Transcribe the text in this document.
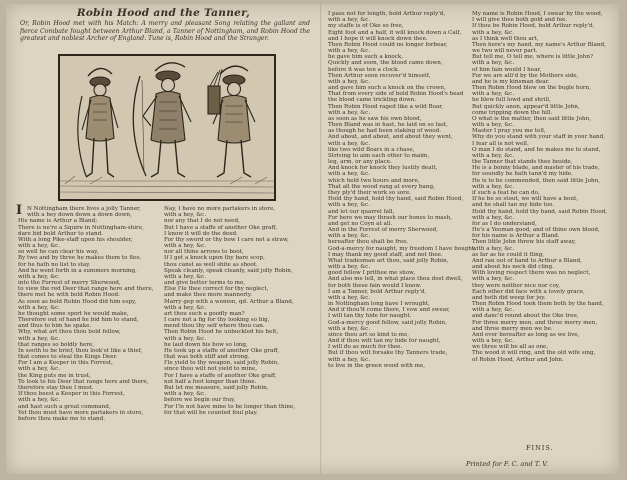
Robin Hood and the Tanner,
Or, Robin Hood met with his Match: A merry and pleasant Song relating the gallant and fierce Combate fought between Arthur Bland, a Tanner of Nottingham, and Robin Hood the greatest and noblest Archer of England. Tune is, Robin Hood and the Stranger.
I N Nottingham there lives a jolly Tanner,
with a hey down down a down down,
His name is Arthur a Bland;
There is ne're a Squire in Nottingham-shire,
dare bid bold Arthur to stand.
With a long Pike-staff upon his shoulder,
with a hey, &c.
so well he can clear his way,
By two and by three he makes them to flee,
for he hath no list to stay.
And he went forth in a summers morning,
with a hey, &c.
into the Forrest of merry Sherwood,
to view the red Deer that range here and there,
there met he with bold Robin Hood.
As soon as bold Robin Hood did him espy,
with a hey, &c.
he thought some sport he would make,
Therefore out of hand he bid him to stand,
and thus to him he spake.
Why, what art thou thou bold fellow,
with a hey, &c.
that ranges so boldly here,
In sooth to be brief, thou look'st like a thief,
that comes to steal the Kings Deer.
For I am a Keeper in this Forrest,
with a hey, &c.
the King puts me in trust,
To look to his Deer that range here and there,
therefore stay thee I must.
If thou beest a Keeper in this Forrest,
with a hey, &c.
and hast such a great command,
Yet thou must have more partakers in store,
before thou make me to stand.
Nay, I have no more partakers in store,
with a hey, &c.
nor any that I do not need,
But I have a staffe of another Oke graff,
I know it will do the deed.
For thy sword or thy bow I care not a straw,
with a hey, &c.
nor all thine arrows to boot,
If I get a knock upon thy bare scop,
thou canst as well shite as shoot.
Speak cleanly, speak cleanly, said jolly Robin,
with a hey, &c.
and give better terms to me,
Else I'le thee correct for thy neglect,
and make thee more mannerly.
Marry gep with a wenion, qd. Arthur a Bland,
with a hey, &c.
art thou such a goodly man?
I care not a fig for thy looking so big,
mend thou thy self where thou can.
Then Robin Hood he unbuckled his belt,
with a hey, &c.
he laid down his bow so long,
He took up a staffe of another Oke graff,
that was both stiff and strong.
I'le yield to thy weapon, said jolly Robin,
since thou wilt not yield to mine,
For I have a staffe of another Oke graff,
not half a foot longer than thine.
But let me measure, said jolly Robin,
with a hey, &c.
before we begin our fray,
For I'le not have mine to be longer than thine,
for that will be counted foul play.
I pass not for length, bold Arthur reply'd,
with a hey, &c.
my staffe is of Oke so free,
Eight foot and a half, it will knock down a Calf,
and I hope it will knock down thee.
Then Robin Hood could no longer forbear,
with a hey, &c.
he gave him such a knock,
Quickly and soon, the blood came down,
before it was ten a clock.
Then Arthur soon recover'd himself,
with a hey, &c.
and gave him such a knock on the crown,
That from every side of bold Robin Hood's head
the blood came trickling down.
Then Robin Hood raged like a wild Boar,
with a hey, &c.
as soon as he saw his own blood,
Then Bland was in hast, he laid on so fast,
as though he had been staking of wood.
And about, and about, and about they went,
with a hey, &c.
like two wild Boars in a chase,
Striving to aim each other to maim,
leg, arm, or any place.
And knock for knock they lustily dealt,
with a hey, &c.
which held two hours and more,
That all the wood rang at every bang,
they ply'd their work so sore.
Hold thy hand, hold thy hand, said Robin Hood,
with a hey, &c.
and let our quarrel fall,
For here we may thrash our bones to mash,
and get no Coyn at all.
And in the Forrest of merry Sherwood,
with a hey, &c.
hereafter thou shalt be free.
God-a-mercy for naught, my freedom I have bought,
I may thank my good staff, and not thee.
What tradesman art thou, said jolly Robin,
with a hey, &c.
good fellow I prithee me show,
And also me tell, in what place thou dost dwell,
for both these fain would I know.
I am a Tanner, bold Arthur reply'd,
with a hey, &c.
in Nottingham long have I wrought,
And if thou'lt come there, I vow and swear,
I will tan thy hide for naught.
God-a-mercy good fellow, said jolly Robin,
with a hey, &c.
since thou art so kind to me,
And if thou wilt tan my hide for naught,
I will do as much for thee.
But if thou wilt forsake thy Tanners trade,
with a hey, &c.
to live in the green wood with me,
My name is Robin Hood, I swear by the wood,
I will give thee both gold and fee.
If thou be Robin Hood, bold Arthur reply'd,
with a hey, &c.
as I think well thou art,
Then here's my hand, my name's Arthur Bland,
we two will never part.
But tell me, O tell me, where is little John?
with a hey, &c.
of him fain would I hear,
For we are alli'd by the Mothers side,
and he is my kinsman dear.
Then Robin Hood blew on the bugle horn,
with a hey, &c.
he blew full lowd and shrill,
But quickly anon, appear'd little John,
come tripping down the hill.
O what is the matter, then said little John,
with a hey, &c.
Master I pray you me tell,
Why do you stand with your staff in your hand,
I fear all is not well.
O man I do stand, and he makes me to stand,
with a hey, &c.
the Tanner that stands thee beside,
He is a bonny blade, and master of his trade,
for soundly he hath tann'd my hide.
He is to be commended, then said little John,
with a hey, &c.
if such a feat he can do,
If he be so stout, we will have a bout,
and he shall tan my hide too.
Hold thy hand, hold thy hand, said Robin Hood,
with a hey, &c.
for as I do understand,
He's a Yeoman good, and of thine own blood,
for his name is Arthur a Bland.
Then little John threw his staff away,
with a hey, &c.
as far as he could it fling,
And ran out of hand to Arthur a Bland,
and about his neck did cling.
With loving respect there was no neglect,
with a hey, &c.
they were neither nice nor coy,
Each other did face with a lovely grace,
and both did weep for joy.
Then Robin Hood took them both by the hand,
with a hey, &c.
and danc'd round about the Oke tree,
For three merry men, and three merry men,
and three merry men we be.
And ever hereafter as long as we live,
with a hey, &c.
we three will be all as one,
The wood it will ring, and the old wife sing,
of Robin Hood, Arthur and John.
FINIS.
Printed for F. C. and T. V.
